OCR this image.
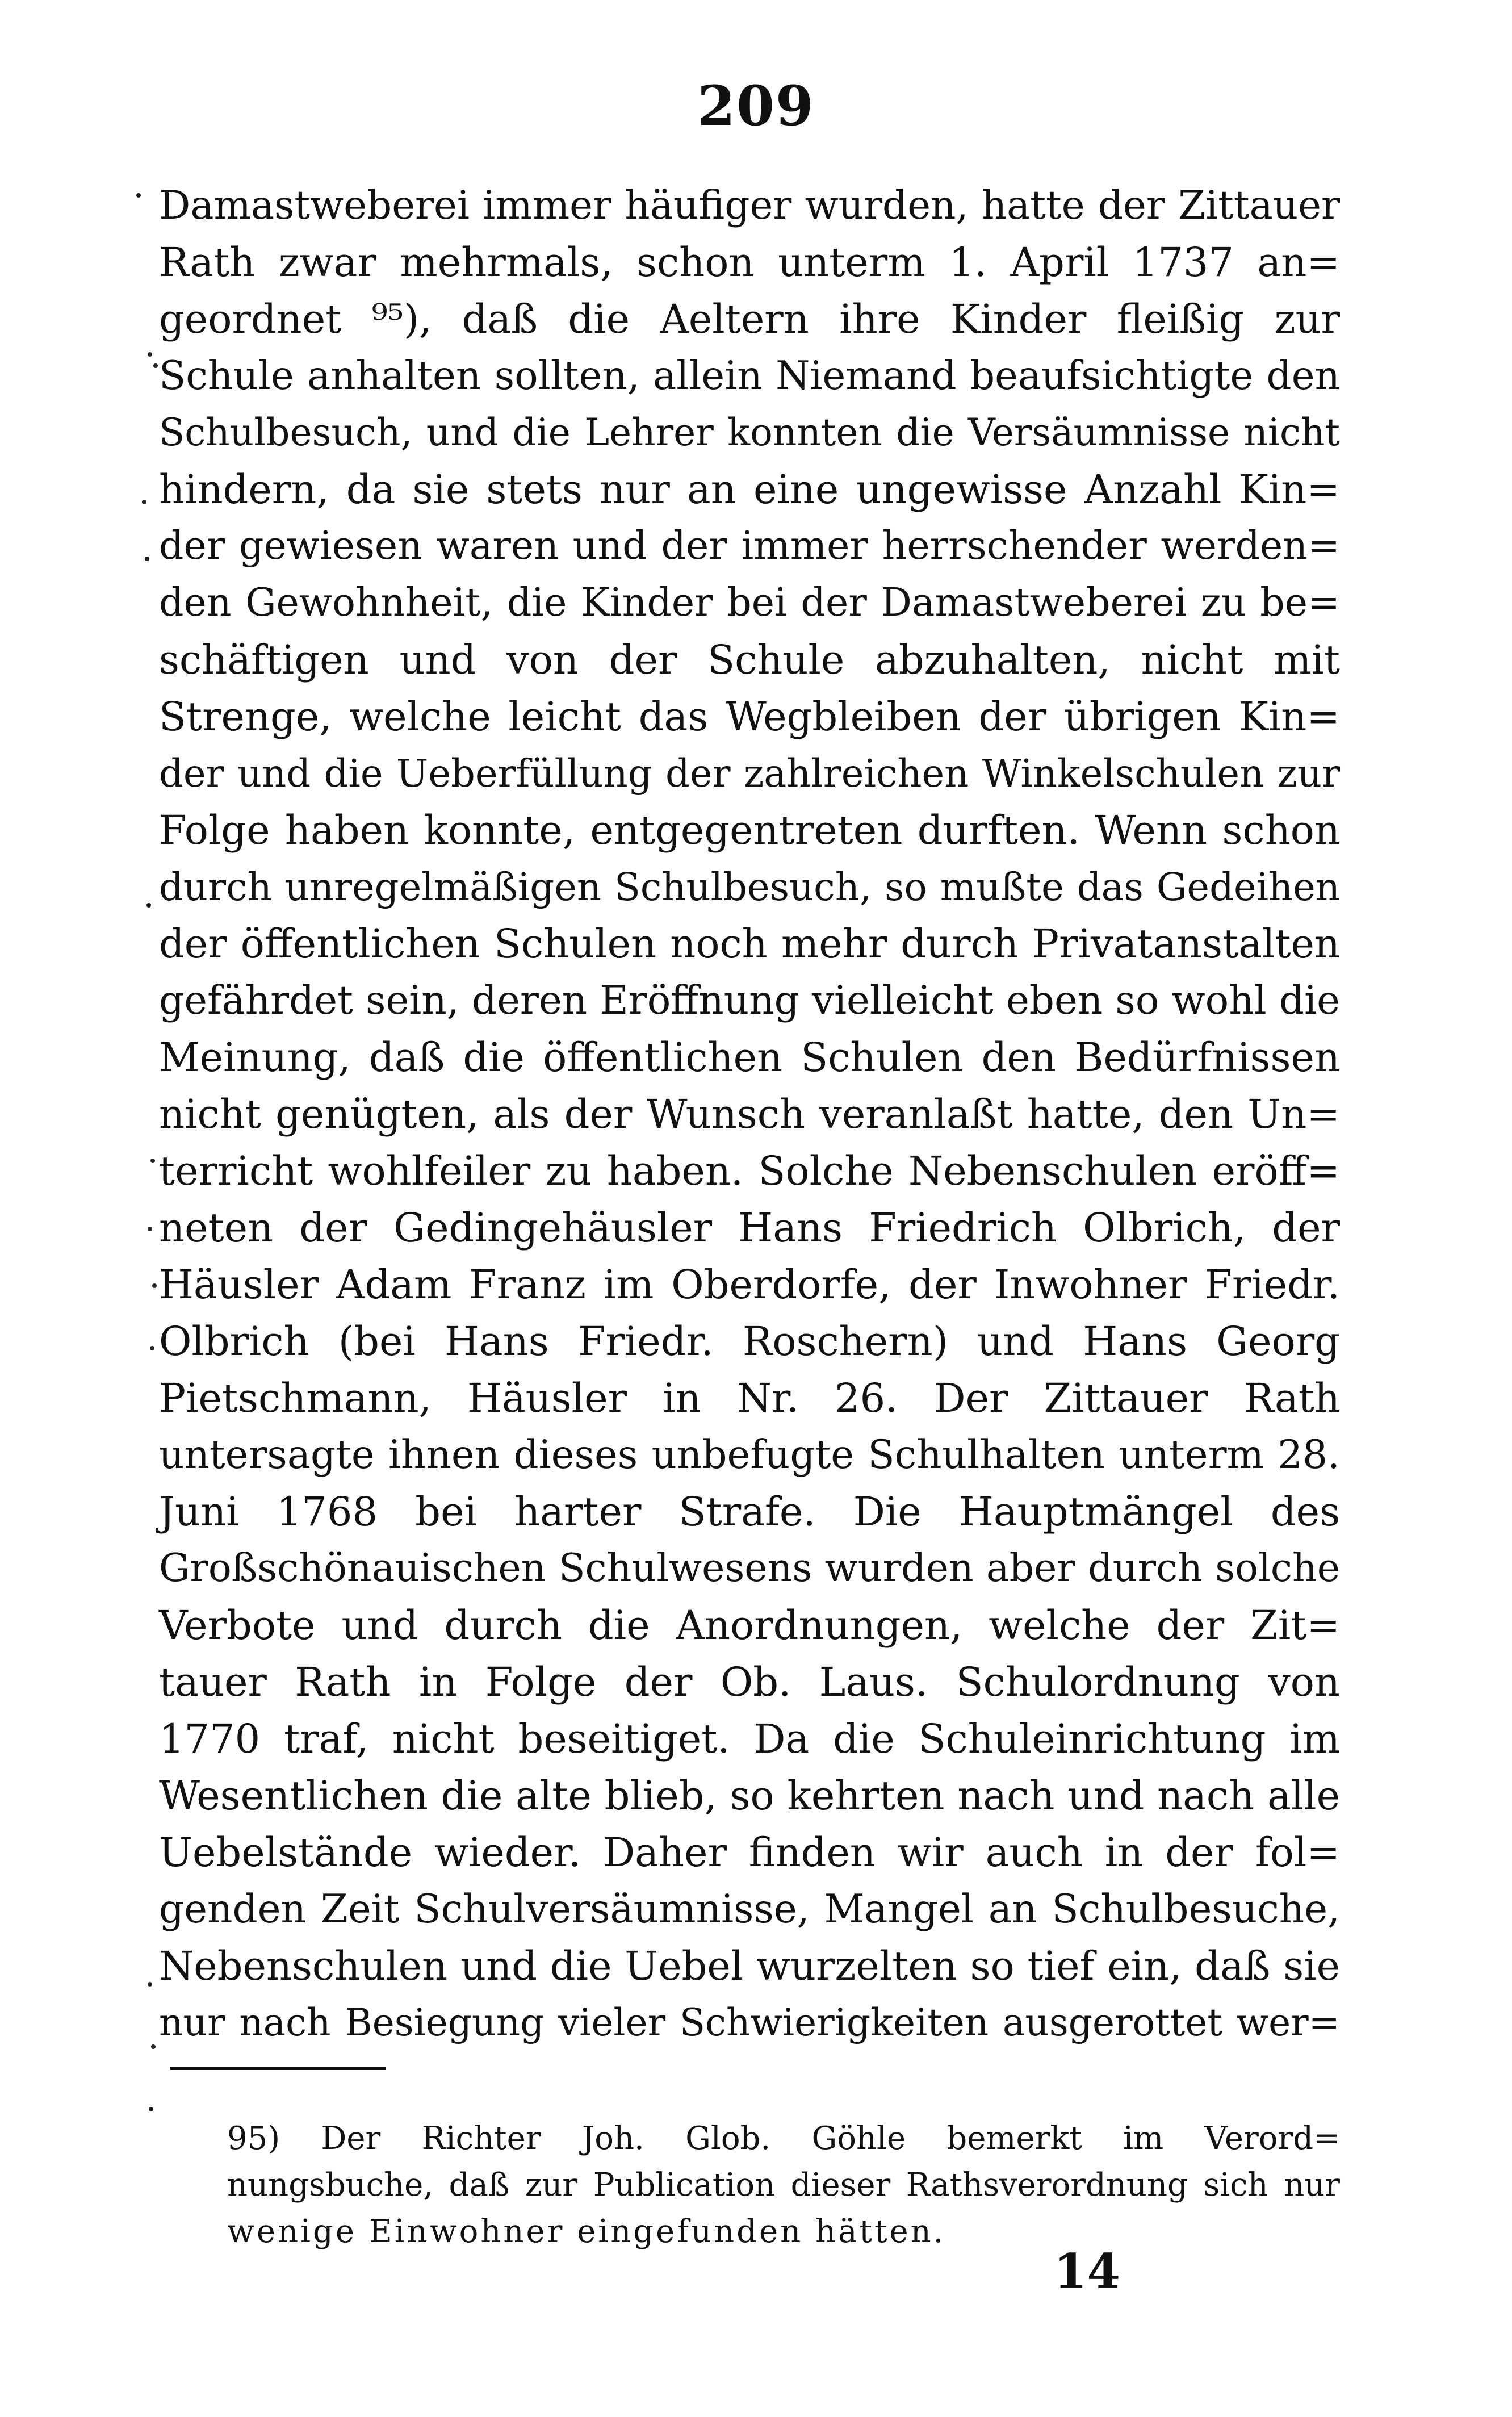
209
Damastweberei immer häufiger wurden, hatte der Zittauer
Rath zwar mehrmals, schon unterm 1. April 1737 an=
geordnet ⁹⁵), daß die Aeltern ihre Kinder fleißig zur
Schule anhalten sollten, allein Niemand beaufsichtigte den
Schulbesuch, und die Lehrer konnten die Versäumnisse nicht
hindern, da sie stets nur an eine ungewisse Anzahl Kin=
der gewiesen waren und der immer herrschender werden=
den Gewohnheit, die Kinder bei der Damastweberei zu be=
schäftigen und von der Schule abzuhalten, nicht mit
Strenge, welche leicht das Wegbleiben der übrigen Kin=
der und die Ueberfüllung der zahlreichen Winkelschulen zur
Folge haben konnte, entgegentreten durften. Wenn schon
durch unregelmäßigen Schulbesuch, so mußte das Gedeihen
der öffentlichen Schulen noch mehr durch Privatanstalten
gefährdet sein, deren Eröffnung vielleicht eben so wohl die
Meinung, daß die öffentlichen Schulen den Bedürfnissen
nicht genügten, als der Wunsch veranlaßt hatte, den Un=
terricht wohlfeiler zu haben. Solche Nebenschulen eröff=
neten der Gedingehäusler Hans Friedrich Olbrich, der
Häusler Adam Franz im Oberdorfe, der Inwohner Friedr.
Olbrich (bei Hans Friedr. Roschern) und Hans Georg
Pietschmann, Häusler in Nr. 26. Der Zittauer Rath
untersagte ihnen dieses unbefugte Schulhalten unterm 28.
Juni 1768 bei harter Strafe. Die Hauptmängel des
Großschönauischen Schulwesens wurden aber durch solche
Verbote und durch die Anordnungen, welche der Zit=
tauer Rath in Folge der Ob. Laus. Schulordnung von
1770 traf, nicht beseitiget. Da die Schuleinrichtung im
Wesentlichen die alte blieb, so kehrten nach und nach alle
Uebelstände wieder. Daher finden wir auch in der fol=
genden Zeit Schulversäumnisse, Mangel an Schulbesuche,
Nebenschulen und die Uebel wurzelten so tief ein, daß sie
nur nach Besiegung vieler Schwierigkeiten ausgerottet wer=
95) Der Richter Joh. Glob. Göhle bemerkt im Verord=
nungsbuche, daß zur Publication dieser Rathsverordnung sich nur
wenige Einwohner eingefunden hätten.
14
